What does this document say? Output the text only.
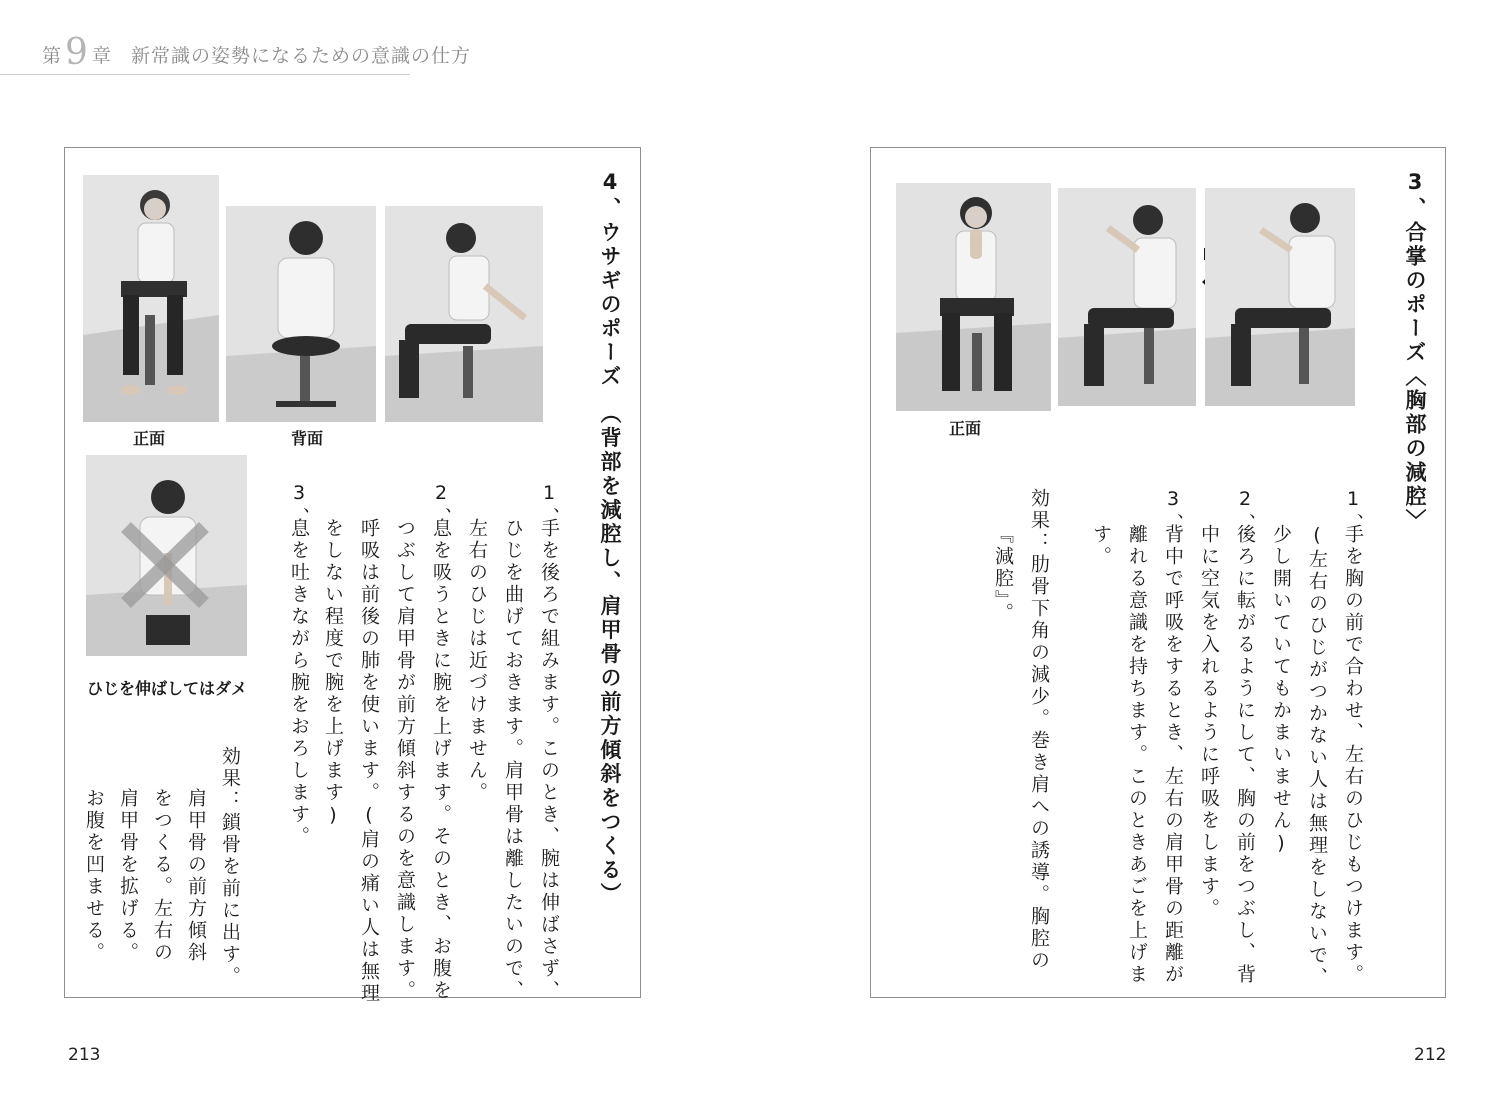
第 9 章 新常識の姿勢になるための意識の仕方
4、ウサギのポーズ　（背部を減腔し、肩甲骨の前方傾斜をつくる）
1、
手を後ろで組みます。このとき、腕は伸ばさず、
ひじを曲げておきます。肩甲骨は離したいので、
左右のひじは近づけません。
2、
息を吸うときに腕を上げます。そのとき、お腹を
つぶして肩甲骨が前方傾斜するのを意識します。
呼吸は前後の肺を使います。(肩の痛い人は無理
をしない程度で腕を上げます)
3、
息を吐きながら腕をおろします。
効果：鎖骨を前に出す。
肩甲骨の前方傾斜
をつくる。左右の
肩甲骨を拡げる。
お腹を凹ませる。
正面	背面
ひじを伸ばしてはダメ
213
3、合掌のポーズ〈胸部の減腔〉
1、
手を胸の前で合わせ、左右のひじもつけます。
(左右のひじがつかない人は無理をしないで、
少し開いていてもかまいません)
2、
後ろに転がるようにして、胸の前をつぶし、背
中に空気を入れるように呼吸をします。
3、
背中で呼吸をするとき、左右の肩甲骨の距離が
離れる意識を持ちます。このときあごを上げま
す。
効果：肋骨下角の減少。巻き肩への誘導。胸腔の
『減腔』。
正面
212
